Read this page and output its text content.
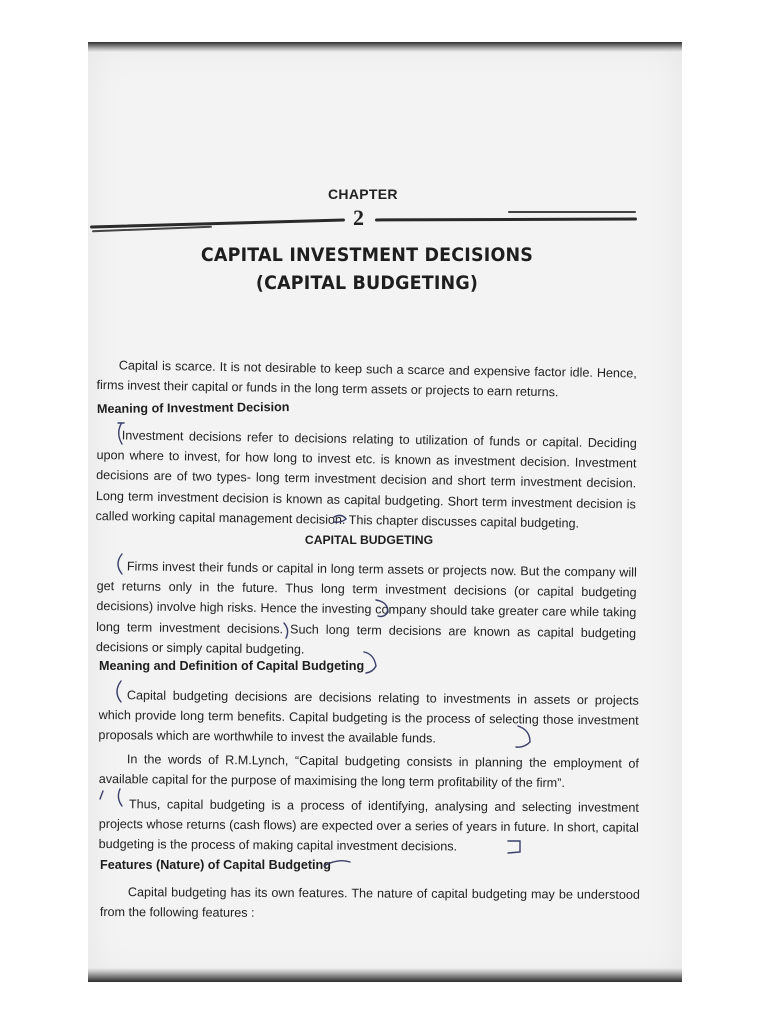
CHAPTER
2
CAPITAL INVESTMENT DECISIONS
(CAPITAL BUDGETING)
Capital is scarce. It is not desirable to keep such a scarce and expensive factor idle. Hence, firms invest their capital or funds in the long term assets or projects to earn returns.
Meaning of Investment Decision
Investment decisions refer to decisions relating to utilization of funds or capital. Deciding upon where to invest, for how long to invest etc. is known as investment decision. Investment decisions are of two types- long term investment decision and short term investment decision. Long term investment decision is known as capital budgeting. Short term investment decision is called working capital management decision. This chapter discusses capital budgeting.
CAPITAL BUDGETING
Firms invest their funds or capital in long term assets or projects now. But the company will get returns only in the future. Thus long term investment decisions (or capital budgeting decisions) involve high risks. Hence the investing company should take greater care while taking long term investment decisions. Such long term decisions are known as capital budgeting decisions or simply capital budgeting.
Meaning and Definition of Capital Budgeting
Capital budgeting decisions are decisions relating to investments in assets or projects which provide long term benefits. Capital budgeting is the process of selecting those investment proposals which are worthwhile to invest the available funds.
In the words of R.M.Lynch, “Capital budgeting consists in planning the employment of available capital for the purpose of maximising the long term profitability of the firm”.
Thus, capital budgeting is a process of identifying, analysing and selecting investment projects whose returns (cash flows) are expected over a series of years in future. In short, capital budgeting is the process of making capital investment decisions.
Features (Nature) of Capital Budgeting
Capital budgeting has its own features. The nature of capital budgeting may be understood from the following features :
